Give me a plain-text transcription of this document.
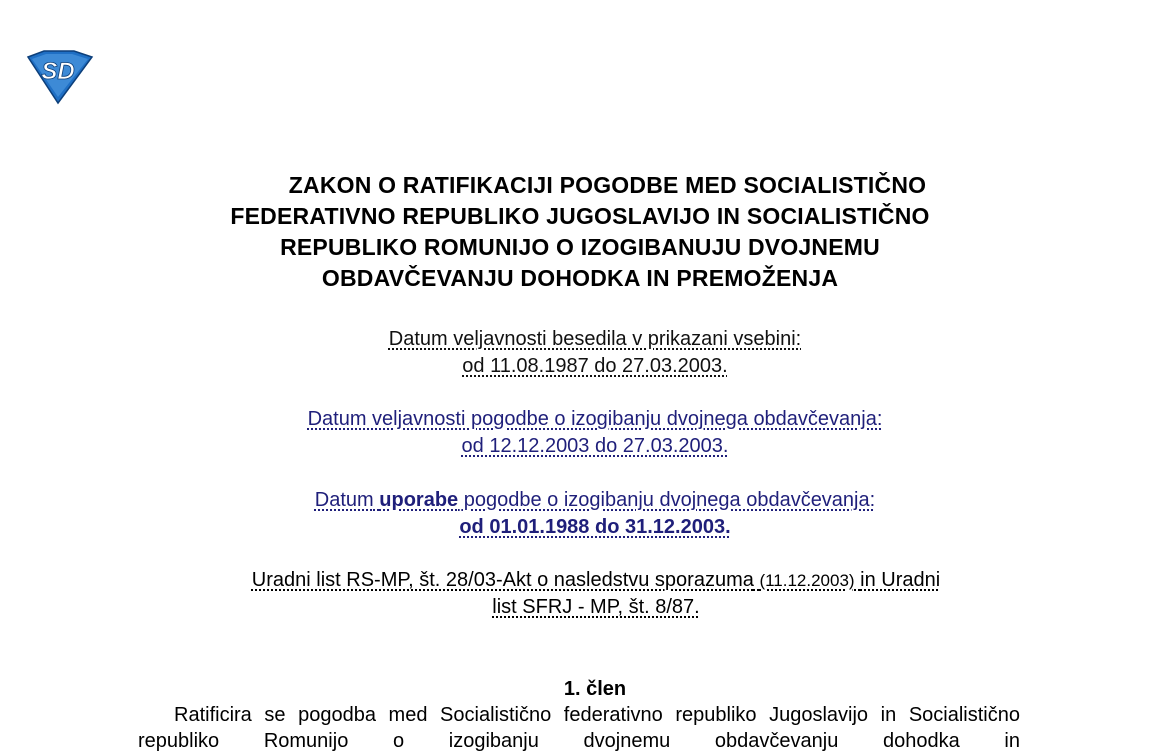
SD
ZAKON O RATIFIKACIJI POGODBE MED SOCIALISTIČNO
FEDERATIVNO REPUBLIKO JUGOSLAVIJO IN SOCIALISTIČNO
REPUBLIKO ROMUNIJO O IZOGIBANUJU DVOJNEMU
OBDAVČEVANJU DOHODKA IN PREMOŽENJA

Datum veljavnosti besedila v prikazani vsebini:
od 11.08.1987 do 27.03.2003.

Datum veljavnosti pogodbe o izogibanju dvojnega obdavčevanja:
od 12.12.2003 do 27.03.2003.

Datum uporabe pogodbe o izogibanju dvojnega obdavčevanja:
od 01.01.1988 do 31.12.2003.

Uradni list RS-MP, št. 28/03-Akt o nasledstvu sporazuma (11.12.2003) in Uradni
list SFRJ - MP, št. 8/87.

1. člen

Ratificira se pogodba med Socialistično federativno republiko Jugoslavijo in Socialistično republiko Romunijo o izogibanju dvojnemu obdavčevanju dohodka in
